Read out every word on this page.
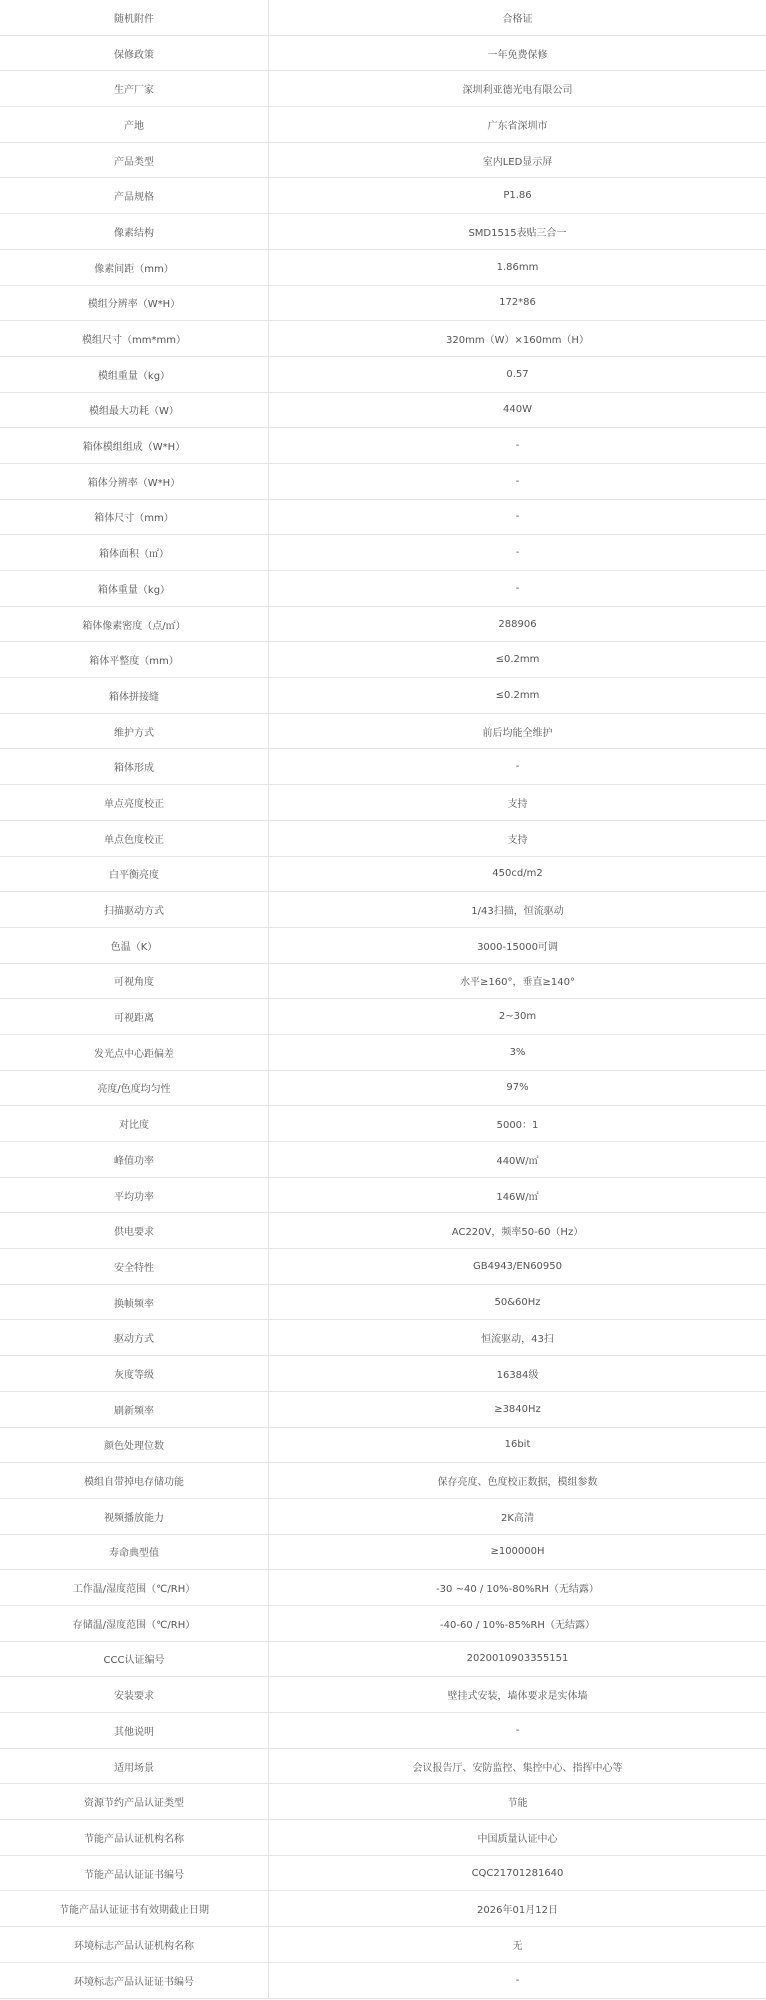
随机附件	合格证
保修政策	一年免费保修
生产厂家	深圳利亚德光电有限公司
产地	广东省深圳市
产品类型	室内LED显示屏
产品规格	P1.86
像素结构	SMD1515表贴三合一
像素间距（mm）	1.86mm
模组分辨率（W*H）	172*86
模组尺寸（mm*mm）	320mm（W）×160mm（H）
模组重量（kg）	0.57
模组最大功耗（W）	440W
箱体模组组成（W*H）	-
箱体分辨率（W*H）	-
箱体尺寸（mm）	-
箱体面积（㎡）	-
箱体重量（kg）	-
箱体像素密度（点/㎡）	288906
箱体平整度（mm）	≤0.2mm
箱体拼接缝	≤0.2mm
维护方式	前后均能全维护
箱体形成	-
单点亮度校正	支持
单点色度校正	支持
白平衡亮度	450cd/m2
扫描驱动方式	1/43扫描，恒流驱动
色温（K）	3000-15000可调
可视角度	水平≥160°，垂直≥140°
可视距离	2~30m
发光点中心距偏差	3%
亮度/色度均匀性	97%
对比度	5000：1
峰值功率	440W/㎡
平均功率	146W/㎡
供电要求	AC220V，频率50-60（Hz）
安全特性	GB4943/EN60950
换帧频率	50&60Hz
驱动方式	恒流驱动，43扫
灰度等级	16384级
刷新频率	≥3840Hz
颜色处理位数	16bit
模组自带掉电存储功能	保存亮度、色度校正数据，模组参数
视频播放能力	2K高清
寿命典型值	≥100000H
工作温/湿度范围（℃/RH）	-30 ~40 / 10%-80%RH（无结露）
存储温/湿度范围（℃/RH）	-40-60 / 10%-85%RH（无结露）
CCC认证编号	2020010903355151
安装要求	壁挂式安装，墙体要求是实体墙
其他说明	-
适用场景	会议报告厅、安防监控、集控中心、指挥中心等
资源节约产品认证类型	节能
节能产品认证机构名称	中国质量认证中心
节能产品认证证书编号	CQC21701281640
节能产品认证证书有效期截止日期	2026年01月12日
环境标志产品认证机构名称	无
环境标志产品认证证书编号	-
